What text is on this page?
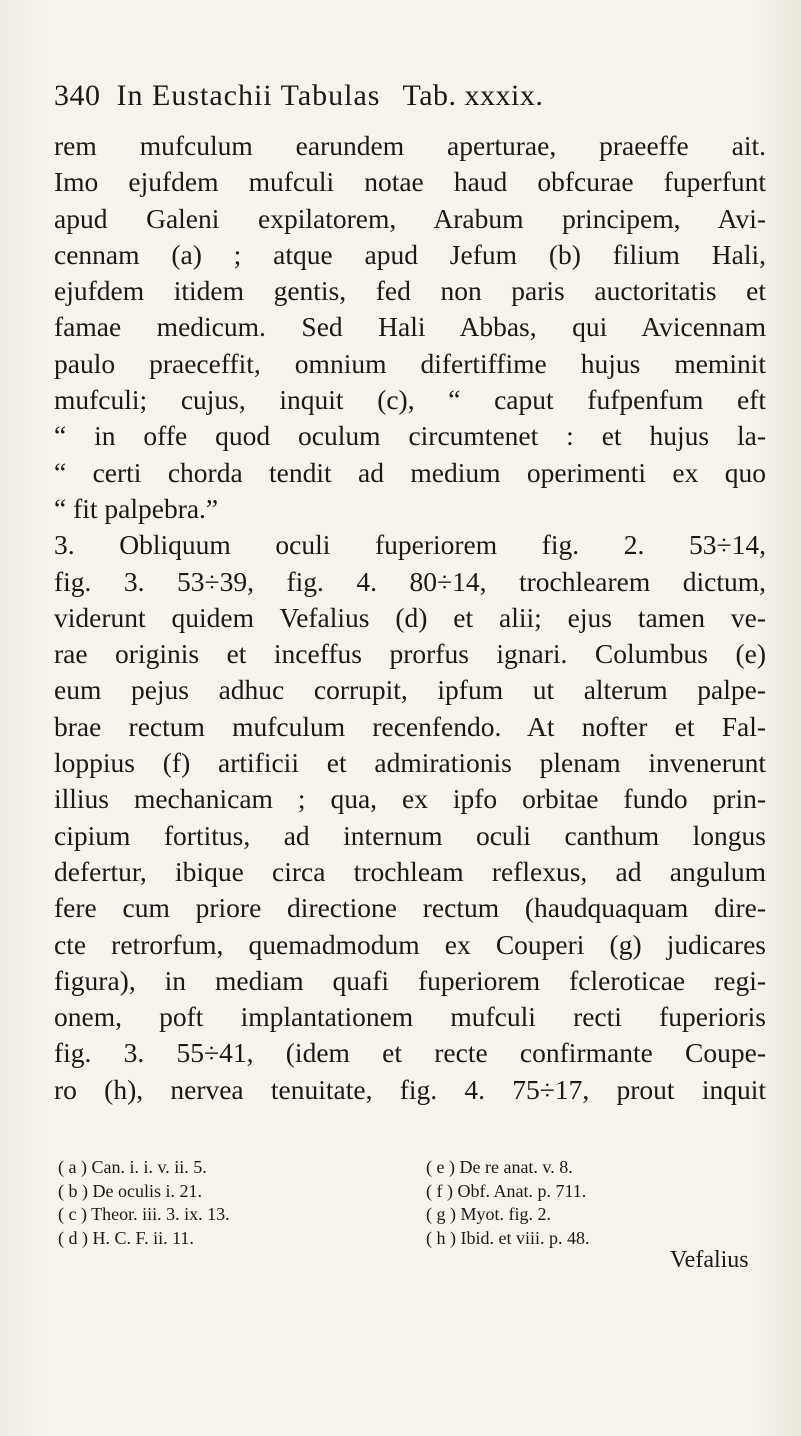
340 In Eustachii Tabulas Tab. xxxix.
rem mufculum earundem aperturae, praeeffe ait.
Imo ejufdem mufculi notae haud obfcurae fuperfunt
apud Galeni expilatorem, Arabum principem, Avi-
cennam (a) ; atque apud Jefum (b) filium Hali,
ejufdem itidem gentis, fed non paris auctoritatis et
famae medicum. Sed Hali Abbas, qui Avicennam
paulo praeceffit, omnium difertiffime hujus meminit
mufculi; cujus, inquit (c), “ caput fufpenfum eft
“ in offe quod oculum circumtenet : et hujus la-
“ certi chorda tendit ad medium operimenti ex quo
“ fit palpebra.”
3. Obliquum oculi fuperiorem fig. 2. 53÷14,
fig. 3. 53÷39, fig. 4. 80÷14, trochlearem dictum,
viderunt quidem Vefalius (d) et alii; ejus tamen ve-
rae originis et inceffus prorfus ignari. Columbus (e)
eum pejus adhuc corrupit, ipfum ut alterum palpe-
brae rectum mufculum recenfendo. At nofter et Fal-
loppius (f) artificii et admirationis plenam invenerunt
illius mechanicam ; qua, ex ipfo orbitae fundo prin-
cipium fortitus, ad internum oculi canthum longus
defertur, ibique circa trochleam reflexus, ad angulum
fere cum priore directione rectum (haudquaquam dire-
cte retrorfum, quemadmodum ex Couperi (g) judicares
figura), in mediam quafi fuperiorem fcleroticae regi-
onem, poft implantationem mufculi recti fuperioris
fig. 3. 55÷41, (idem et recte confirmante Coupe-
ro (h), nervea tenuitate, fig. 4. 75÷17, prout inquit
( a ) Can. i. i. v. ii. 5.
( b ) De oculis i. 21.
( c ) Theor. iii. 3. ix. 13.
( d ) H. C. F. ii. 11.
( e ) De re anat. v. 8.
( f ) Obf. Anat. p. 711.
( g ) Myot. fig. 2.
( h ) Ibid. et viii. p. 48.
Vefalius
